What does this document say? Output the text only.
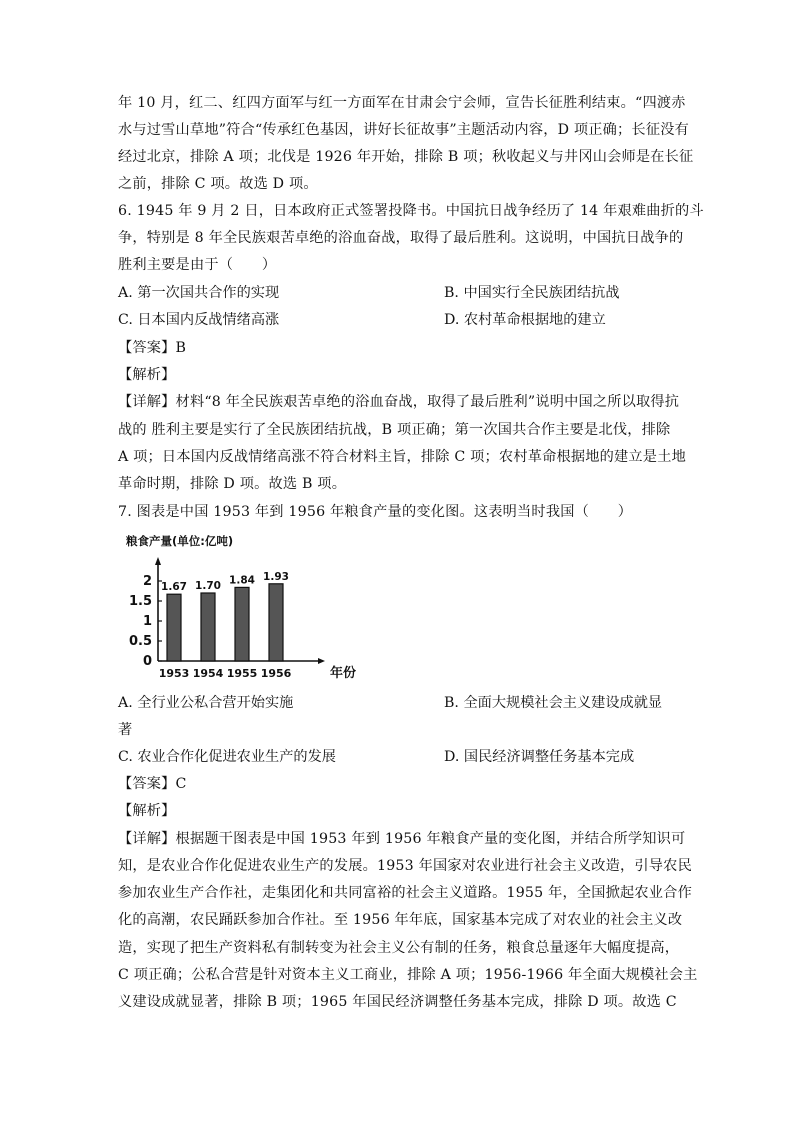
年 10 月，红二、红四方面军与红一方面军在甘肃会宁会师，宣告长征胜利结束。“四渡赤
水与过雪山草地”符合“传承红色基因，讲好长征故事”主题活动内容，D 项正确；长征没有
经过北京，排除 A 项；北伐是 1926 年开始，排除 B 项；秋收起义与井冈山会师是在长征
之前，排除 C 项。故选 D 项。
6. 1945 年 9 月 2 日，日本政府正式签署投降书。中国抗日战争经历了 14 年艰难曲折的斗
争，特别是 8 年全民族艰苦卓绝的浴血奋战，取得了最后胜利。这说明，中国抗日战争的
胜利主要是由于（　　）
A. 第一次国共合作的实现	B. 中国实行全民族团结抗战
C. 日本国内反战情绪高涨	D. 农村革命根据地的建立
【答案】B
【解析】
【详解】材料“8 年全民族艰苦卓绝的浴血奋战，取得了最后胜利”说明中国之所以取得抗
战的 胜利主要是实行了全民族团结抗战，B 项正确；第一次国共合作主要是北伐，排除
A 项；日本国内反战情绪高涨不符合材料主旨，排除 C 项；农村革命根据地的建立是土地
革命时期，排除 D 项。故选 B 项。
7. 图表是中国 1953 年到 1956 年粮食产量的变化图。这表明当时我国（　　）
粮食产量(单位:亿吨)
2
1.5
1
0.5
0
1.67
1953
1.70
1954
1.84
1955
1.93
1956	年份
A. 全行业公私合营开始实施	B. 全面大规模社会主义建设成就显
著
C. 农业合作化促进农业生产的发展	D. 国民经济调整任务基本完成
【答案】C
【解析】
【详解】根据题干图表是中国 1953 年到 1956 年粮食产量的变化图，并结合所学知识可
知，是农业合作化促进农业生产的发展。1953 年国家对农业进行社会主义改造，引导农民
参加农业生产合作社，走集团化和共同富裕的社会主义道路。1955 年，全国掀起农业合作
化的高潮，农民踊跃参加合作社。至 1956 年年底，国家基本完成了对农业的社会主义改
造，实现了把生产资料私有制转变为社会主义公有制的任务，粮食总量逐年大幅度提高，
C 项正确；公私合营是针对资本主义工商业，排除 A 项；1956-1966 年全面大规模社会主
义建设成就显著，排除 B 项；1965 年国民经济调整任务基本完成，排除 D 项。故选 C
